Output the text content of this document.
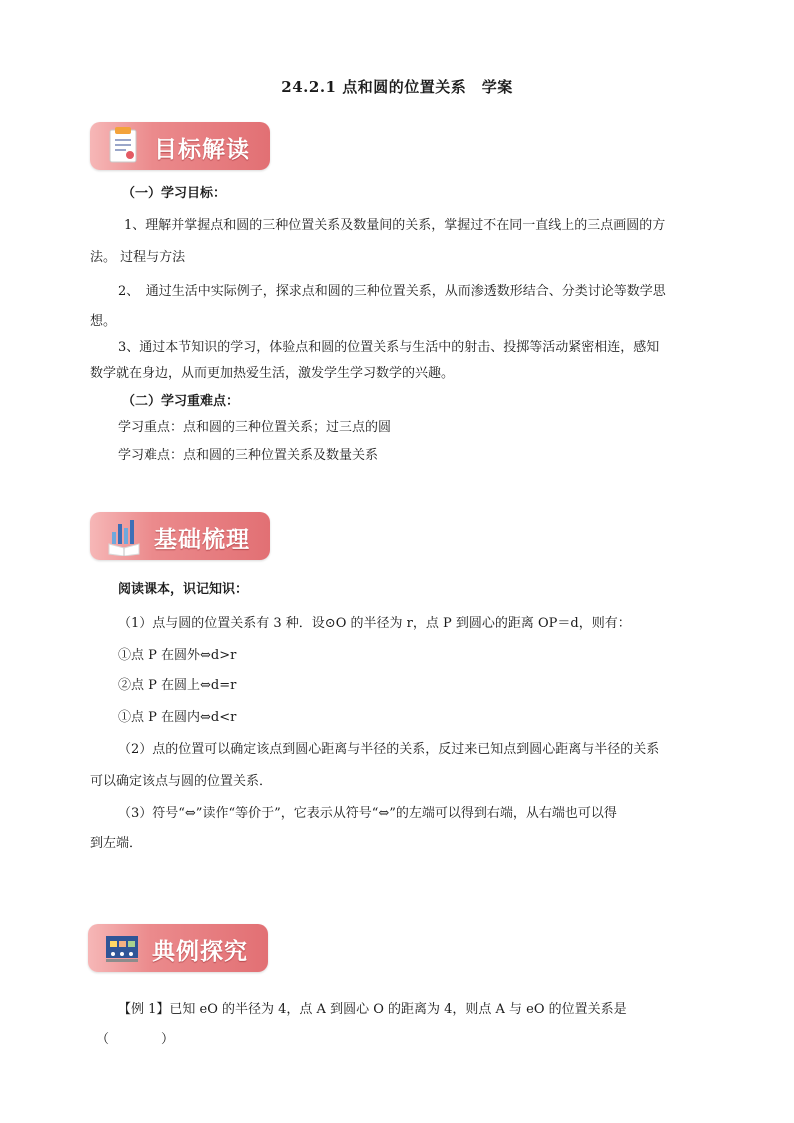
24.2.1 点和圆的位置关系　学案
目标解读
（一）学习目标：
1、理解并掌握点和圆的三种位置关系及数量间的关系，掌握过不在同一直线上的三点画圆的方
法。 过程与方法
2、　通过生活中实际例子，探求点和圆的三种位置关系，从而渗透数形结合、分类讨论等数学思
想。
3、通过本节知识的学习，体验点和圆的位置关系与生活中的射击、投掷等活动紧密相连，感知
数学就在身边，从而更加热爱生活，激发学生学习数学的兴趣。
（二）学习重难点：
学习重点：点和圆的三种位置关系；过三点的圆
学习难点：点和圆的三种位置关系及数量关系
基础梳理
阅读课本，识记知识：
（1）点与圆的位置关系有 3 种．设⊙O 的半径为 r，点 P 到圆心的距离 OP＝d，则有：
①点 P 在圆外⇔d>r
②点 P 在圆上⇔d=r
①点 P 在圆内⇔d<r
（2）点的位置可以确定该点到圆心距离与半径的关系，反过来已知点到圆心距离与半径的关系
可以确定该点与圆的位置关系．
（3）符号“⇔”读作“等价于”，它表示从符号“⇔”的左端可以得到右端，从右端也可以得
到左端．
典例探究
【例 1】已知 eO 的半径为 4，点 A 到圆心 O 的距离为 4，则点 A 与 eO 的位置关系是
（　　　　）
